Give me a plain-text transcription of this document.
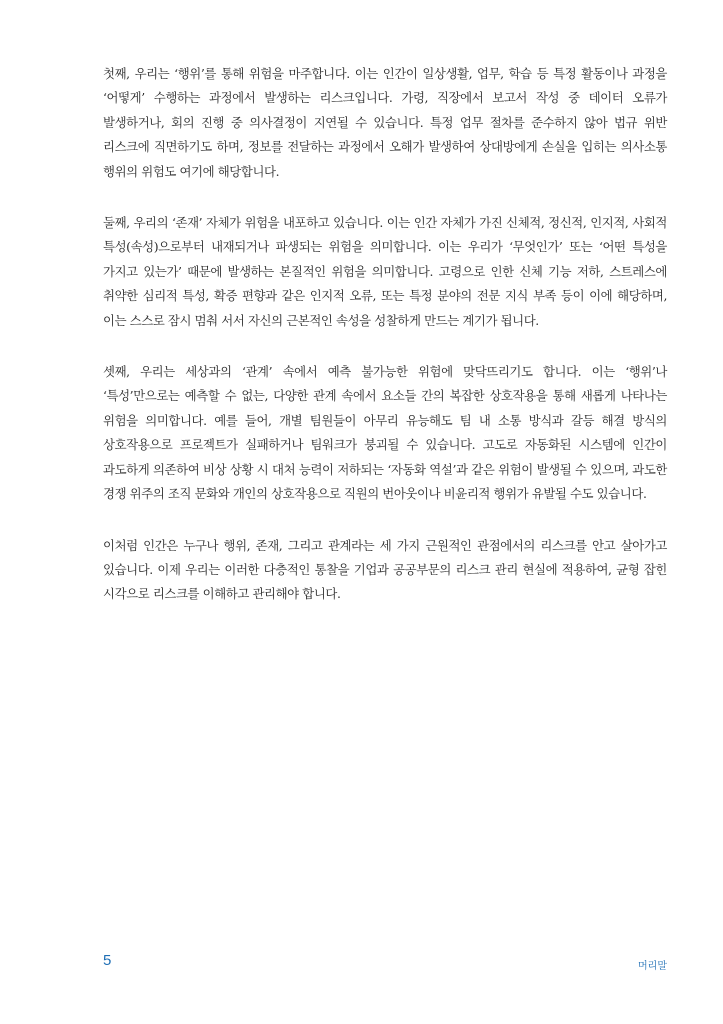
첫째, 우리는 ‘행위’를 통해 위험을 마주합니다. 이는 인간이 일상생활, 업무, 학습 등 특정 활동이나 과정을 ‘어떻게’ 수행하는 과정에서 발생하는 리스크입니다. 가령, 직장에서 보고서 작성 중 데이터 오류가 발생하거나, 회의 진행 중 의사결정이 지연될 수 있습니다. 특정 업무 절차를 준수하지 않아 법규 위반 리스크에 직면하기도 하며, 정보를 전달하는 과정에서 오해가 발생하여 상대방에게 손실을 입히는 의사소통 행위의 위험도 여기에 해당합니다.

둘째, 우리의 ‘존재’ 자체가 위험을 내포하고 있습니다. 이는 인간 자체가 가진 신체적, 정신적, 인지적, 사회적 특성(속성)으로부터 내재되거나 파생되는 위험을 의미합니다. 이는 우리가 ‘무엇인가’ 또는 ‘어떤 특성을 가지고 있는가’ 때문에 발생하는 본질적인 위험을 의미합니다. 고령으로 인한 신체 기능 저하, 스트레스에 취약한 심리적 특성, 확증 편향과 같은 인지적 오류, 또는 특정 분야의 전문 지식 부족 등이 이에 해당하며, 이는 스스로 잠시 멈춰 서서 자신의 근본적인 속성을 성찰하게 만드는 계기가 됩니다.

셋째, 우리는 세상과의 ‘관계’ 속에서 예측 불가능한 위험에 맞닥뜨리기도 합니다. 이는 ‘행위’나 ‘특성’만으로는 예측할 수 없는, 다양한 관계 속에서 요소들 간의 복잡한 상호작용을 통해 새롭게 나타나는 위험을 의미합니다. 예를 들어, 개별 팀원들이 아무리 유능해도 팀 내 소통 방식과 갈등 해결 방식의 상호작용으로 프로젝트가 실패하거나 팀워크가 붕괴될 수 있습니다. 고도로 자동화된 시스템에 인간이 과도하게 의존하여 비상 상황 시 대처 능력이 저하되는 ‘자동화 역설’과 같은 위험이 발생될 수 있으며, 과도한 경쟁 위주의 조직 문화와 개인의 상호작용으로 직원의 번아웃이나 비윤리적 행위가 유발될 수도 있습니다.

이처럼 인간은 누구나 행위, 존재, 그리고 관계라는 세 가지 근원적인 관점에서의 리스크를 안고 살아가고 있습니다. 이제 우리는 이러한 다층적인 통찰을 기업과 공공부문의 리스크 관리 현실에 적용하여, 균형 잡힌 시각으로 리스크를 이해하고 관리해야 합니다.

5	머리말
